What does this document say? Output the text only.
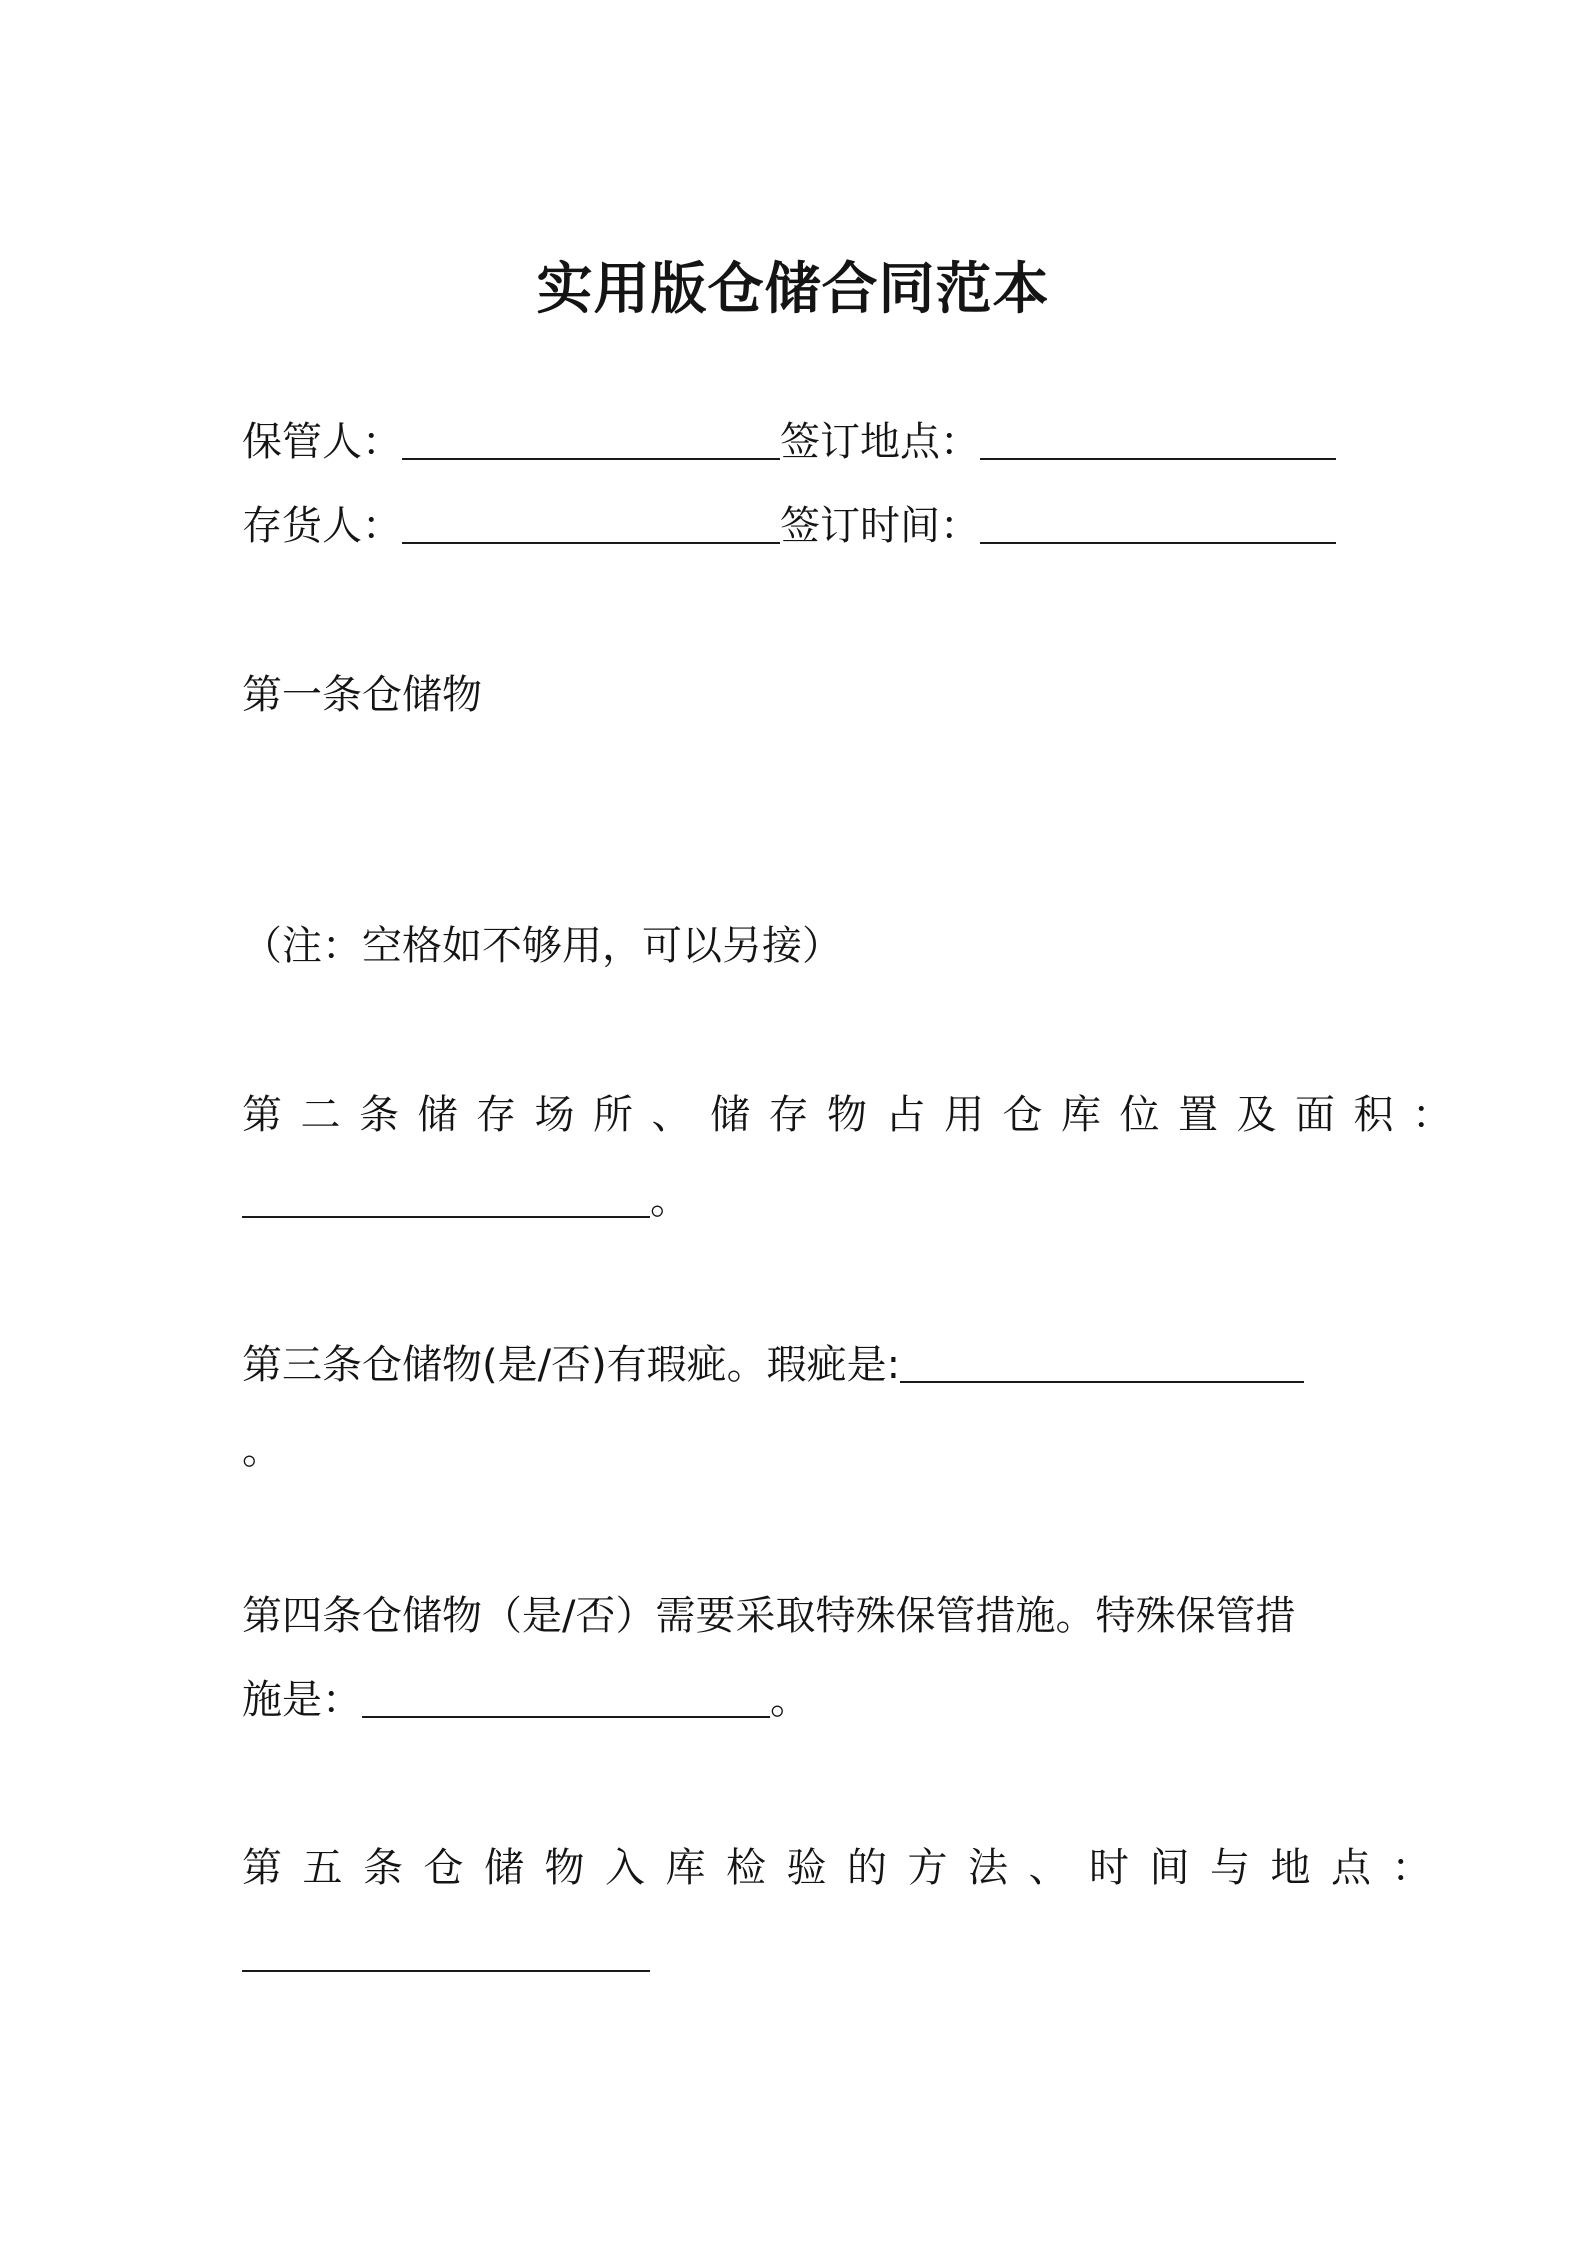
实用版仓储合同范本
保管人：	签订地点：
存货人：	签订时间：
第一条仓储物
（注：空格如不够用，可以另接）
第二条储存场所、储存物占用仓库位置及面积：
。
第三条仓储物(是/否)有瑕疵。瑕疵是:
。
第四条仓储物（是/否）需要采取特殊保管措施。特殊保管措
施是：	。
第五条仓储物入库检验的方法、时间与地点：
